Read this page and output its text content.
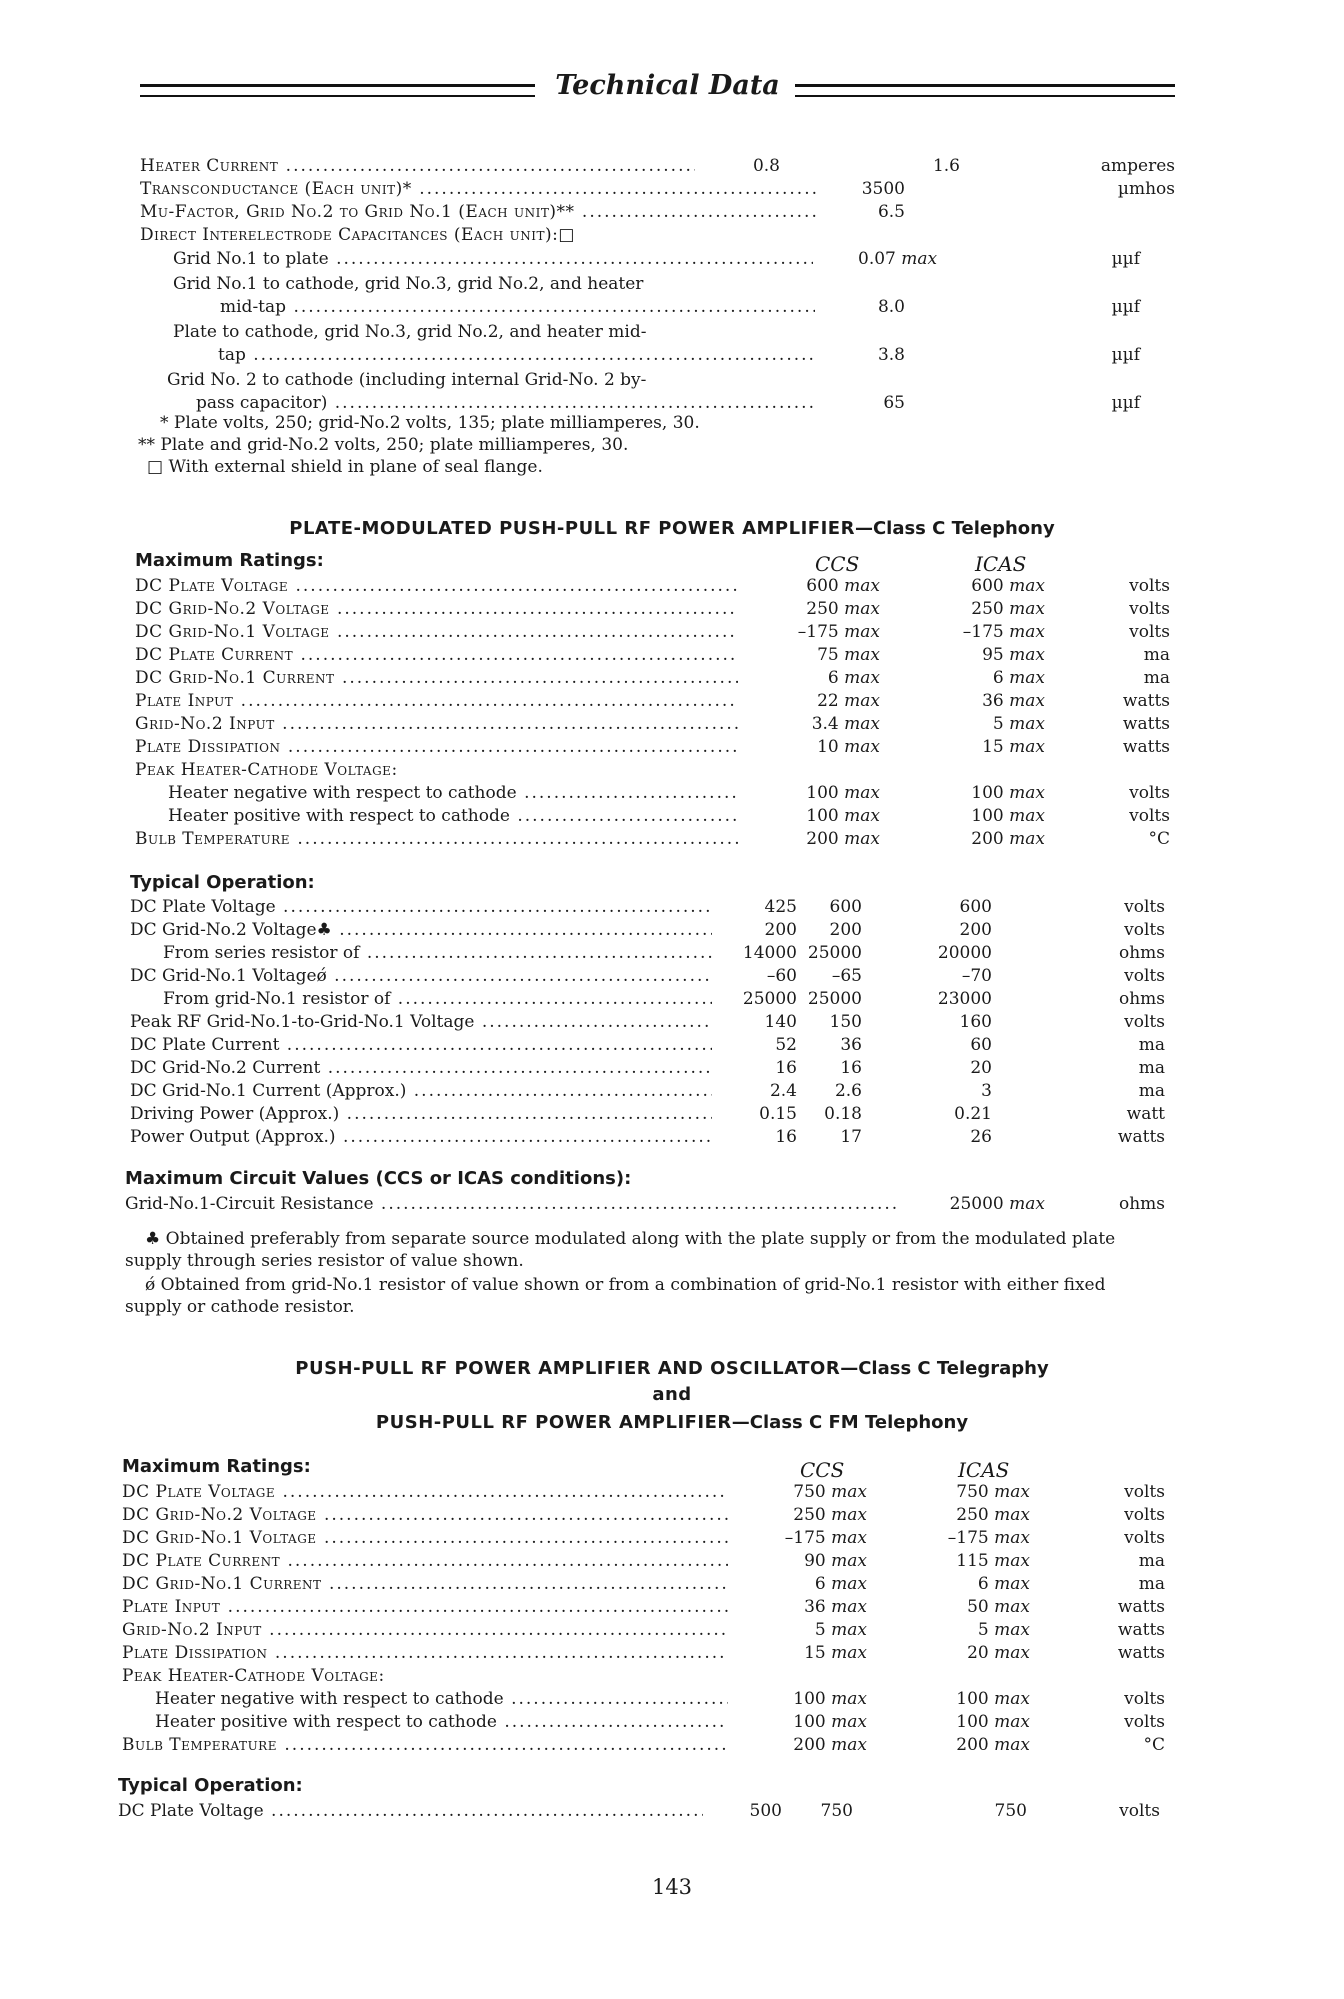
Technical Data
Heater Current .....	0.8	1.6	amperes
Transconductance (Each unit)* .....	3500	µmhos
Mu-Factor, Grid No.2 to Grid No.1 (Each unit)** .....	6.5
Direct Interelectrode Capacitances (Each unit):□
Grid No.1 to plate .....	0.07 max	µµf
Grid No.1 to cathode, grid No.3, grid No.2, and heater
mid-tap .....	8.0	µµf
Plate to cathode, grid No.3, grid No.2, and heater mid-
tap .....	3.8	µµf
Grid No. 2 to cathode (including internal Grid-No. 2 by-
pass capacitor) .....	65	µµf
* Plate volts, 250; grid-No.2 volts, 135; plate milliamperes, 30.
** Plate and grid-No.2 volts, 250; plate milliamperes, 30.
□ With external shield in plane of seal flange.
PLATE-MODULATED PUSH-PULL RF POWER AMPLIFIER—Class C Telephony
Maximum Ratings:	CCS	ICAS
DC Plate Voltage .....	600 max	600 max	volts
DC Grid-No.2 Voltage .....	250 max	250 max	volts
DC Grid-No.1 Voltage .....	–175 max	–175 max	volts
DC Plate Current .....	75 max	95 max	ma
DC Grid-No.1 Current .....	6 max	6 max	ma
Plate Input .....	22 max	36 max	watts
Grid-No.2 Input .....	3.4 max	5 max	watts
Plate Dissipation .....	10 max	15 max	watts
Peak Heater-Cathode Voltage:
Heater negative with respect to cathode .....	100 max	100 max	volts
Heater positive with respect to cathode .....	100 max	100 max	volts
Bulb Temperature .....	200 max	200 max	°C
Typical Operation:
DC Plate Voltage .....	425	600	600	volts
DC Grid-No.2 Voltage♣ .....	200	200	200	volts
From series resistor of .....	14000 25000	20000	ohms
DC Grid-No.1 Voltageǿ .....	–60	–65	–70	volts
From grid-No.1 resistor of .....	25000 25000	23000	ohms
Peak RF Grid-No.1-to-Grid-No.1 Voltage .....	140	150	160	volts
DC Plate Current .....	52	36	60	ma
DC Grid-No.2 Current .....	16	16	20	ma
DC Grid-No.1 Current (Approx.) .....	2.4	2.6	3	ma
Driving Power (Approx.) .....	0.15	0.18	0.21	watt
Power Output (Approx.) .....	16	17	26	watts
Maximum Circuit Values (CCS or ICAS conditions):
Grid-No.1-Circuit Resistance .....	25000 max	ohms
♣ Obtained preferably from separate source modulated along with the plate supply or from the modulated plate supply through series resistor of value shown.
ǿ Obtained from grid-No.1 resistor of value shown or from a combination of grid-No.1 resistor with either fixed supply or cathode resistor.
PUSH-PULL RF POWER AMPLIFIER AND OSCILLATOR—Class C Telegraphy
and
PUSH-PULL RF POWER AMPLIFIER—Class C FM Telephony
Maximum Ratings:	CCS	ICAS
DC Plate Voltage .....	750 max	750 max	volts
DC Grid-No.2 Voltage .....	250 max	250 max	volts
DC Grid-No.1 Voltage .....	–175 max	–175 max	volts
DC Plate Current .....	90 max	115 max	ma
DC Grid-No.1 Current .....	6 max	6 max	ma
Plate Input .....	36 max	50 max	watts
Grid-No.2 Input .....	5 max	5 max	watts
Plate Dissipation .....	15 max	20 max	watts
Peak Heater-Cathode Voltage:
Heater negative with respect to cathode .....	100 max	100 max	volts
Heater positive with respect to cathode .....	100 max	100 max	volts
Bulb Temperature .....	200 max	200 max	°C
Typical Operation:
DC Plate Voltage .....	500	750	750	volts
143
